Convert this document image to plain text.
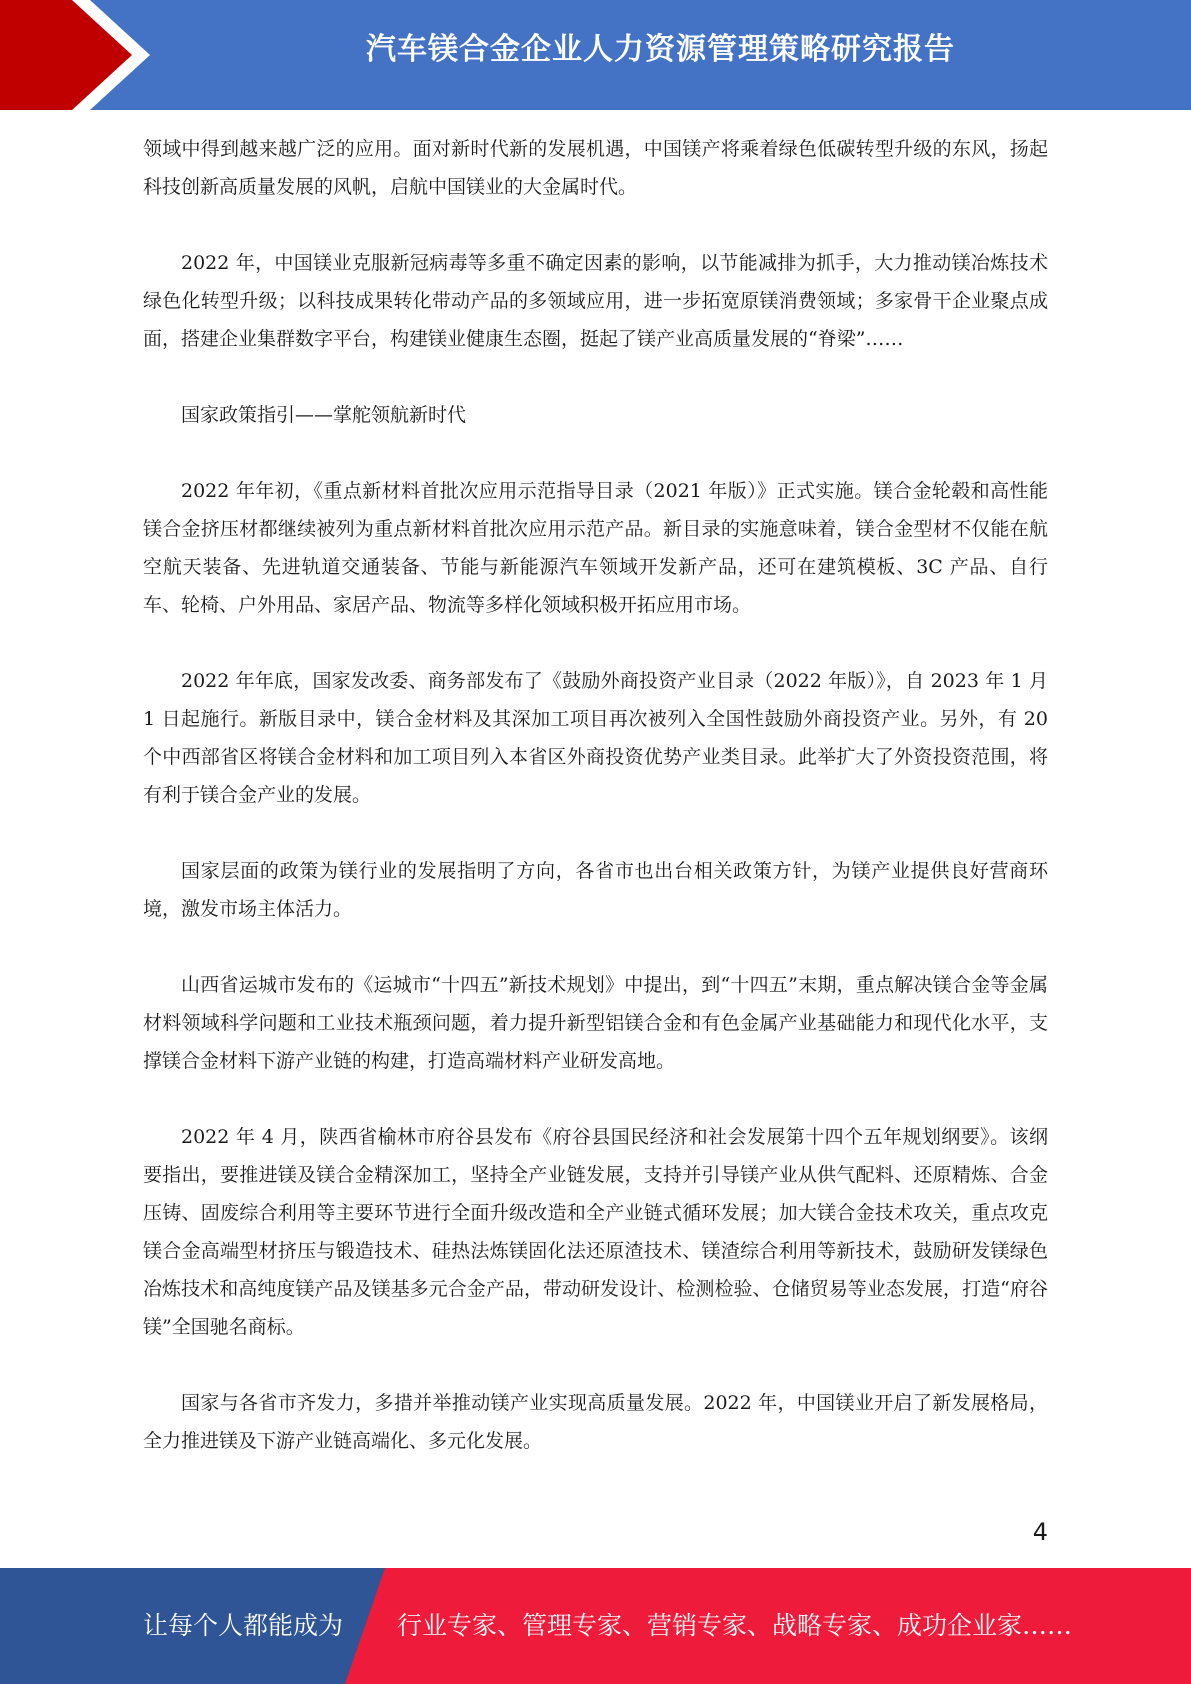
汽车镁合金企业人力资源管理策略研究报告

领域中得到越来越广泛的应用。面对新时代新的发展机遇，中国镁产将乘着绿色低碳转型升级的东风，扬起科技创新高质量发展的风帆，启航中国镁业的大金属时代。

2022 年，中国镁业克服新冠病毒等多重不确定因素的影响，以节能减排为抓手，大力推动镁冶炼技术绿色化转型升级；以科技成果转化带动产品的多领域应用，进一步拓宽原镁消费领域；多家骨干企业聚点成面，搭建企业集群数字平台，构建镁业健康生态圈，挺起了镁产业高质量发展的“脊梁”……

国家政策指引——掌舵领航新时代

2022 年年初，《重点新材料首批次应用示范指导目录（2021 年版）》正式实施。镁合金轮毂和高性能镁合金挤压材都继续被列为重点新材料首批次应用示范产品。新目录的实施意味着，镁合金型材不仅能在航空航天装备、先进轨道交通装备、节能与新能源汽车领域开发新产品，还可在建筑模板、3C 产品、自行车、轮椅、户外用品、家居产品、物流等多样化领域积极开拓应用市场。

2022 年年底，国家发改委、商务部发布了《鼓励外商投资产业目录（2022 年版）》，自 2023 年 1 月 1 日起施行。新版目录中，镁合金材料及其深加工项目再次被列入全国性鼓励外商投资产业。另外，有 20 个中西部省区将镁合金材料和加工项目列入本省区外商投资优势产业类目录。此举扩大了外资投资范围，将有利于镁合金产业的发展。

国家层面的政策为镁行业的发展指明了方向，各省市也出台相关政策方针，为镁产业提供良好营商环境，激发市场主体活力。

山西省运城市发布的《运城市“十四五”新技术规划》中提出，到“十四五”末期，重点解决镁合金等金属材料领域科学问题和工业技术瓶颈问题，着力提升新型铝镁合金和有色金属产业基础能力和现代化水平，支撑镁合金材料下游产业链的构建，打造高端材料产业研发高地。

2022 年 4 月，陕西省榆林市府谷县发布《府谷县国民经济和社会发展第十四个五年规划纲要》。该纲要指出，要推进镁及镁合金精深加工，坚持全产业链发展，支持并引导镁产业从供气配料、还原精炼、合金压铸、固废综合利用等主要环节进行全面升级改造和全产业链式循环发展；加大镁合金技术攻关，重点攻克镁合金高端型材挤压与锻造技术、硅热法炼镁固化法还原渣技术、镁渣综合利用等新技术，鼓励研发镁绿色冶炼技术和高纯度镁产品及镁基多元合金产品，带动研发设计、检测检验、仓储贸易等业态发展，打造“府谷镁”全国驰名商标。

国家与各省市齐发力，多措并举推动镁产业实现高质量发展。2022 年，中国镁业开启了新发展格局，全力推进镁及下游产业链高端化、多元化发展。

4
让每个人都能成为 行业专家、管理专家、营销专家、战略专家、成功企业家……
